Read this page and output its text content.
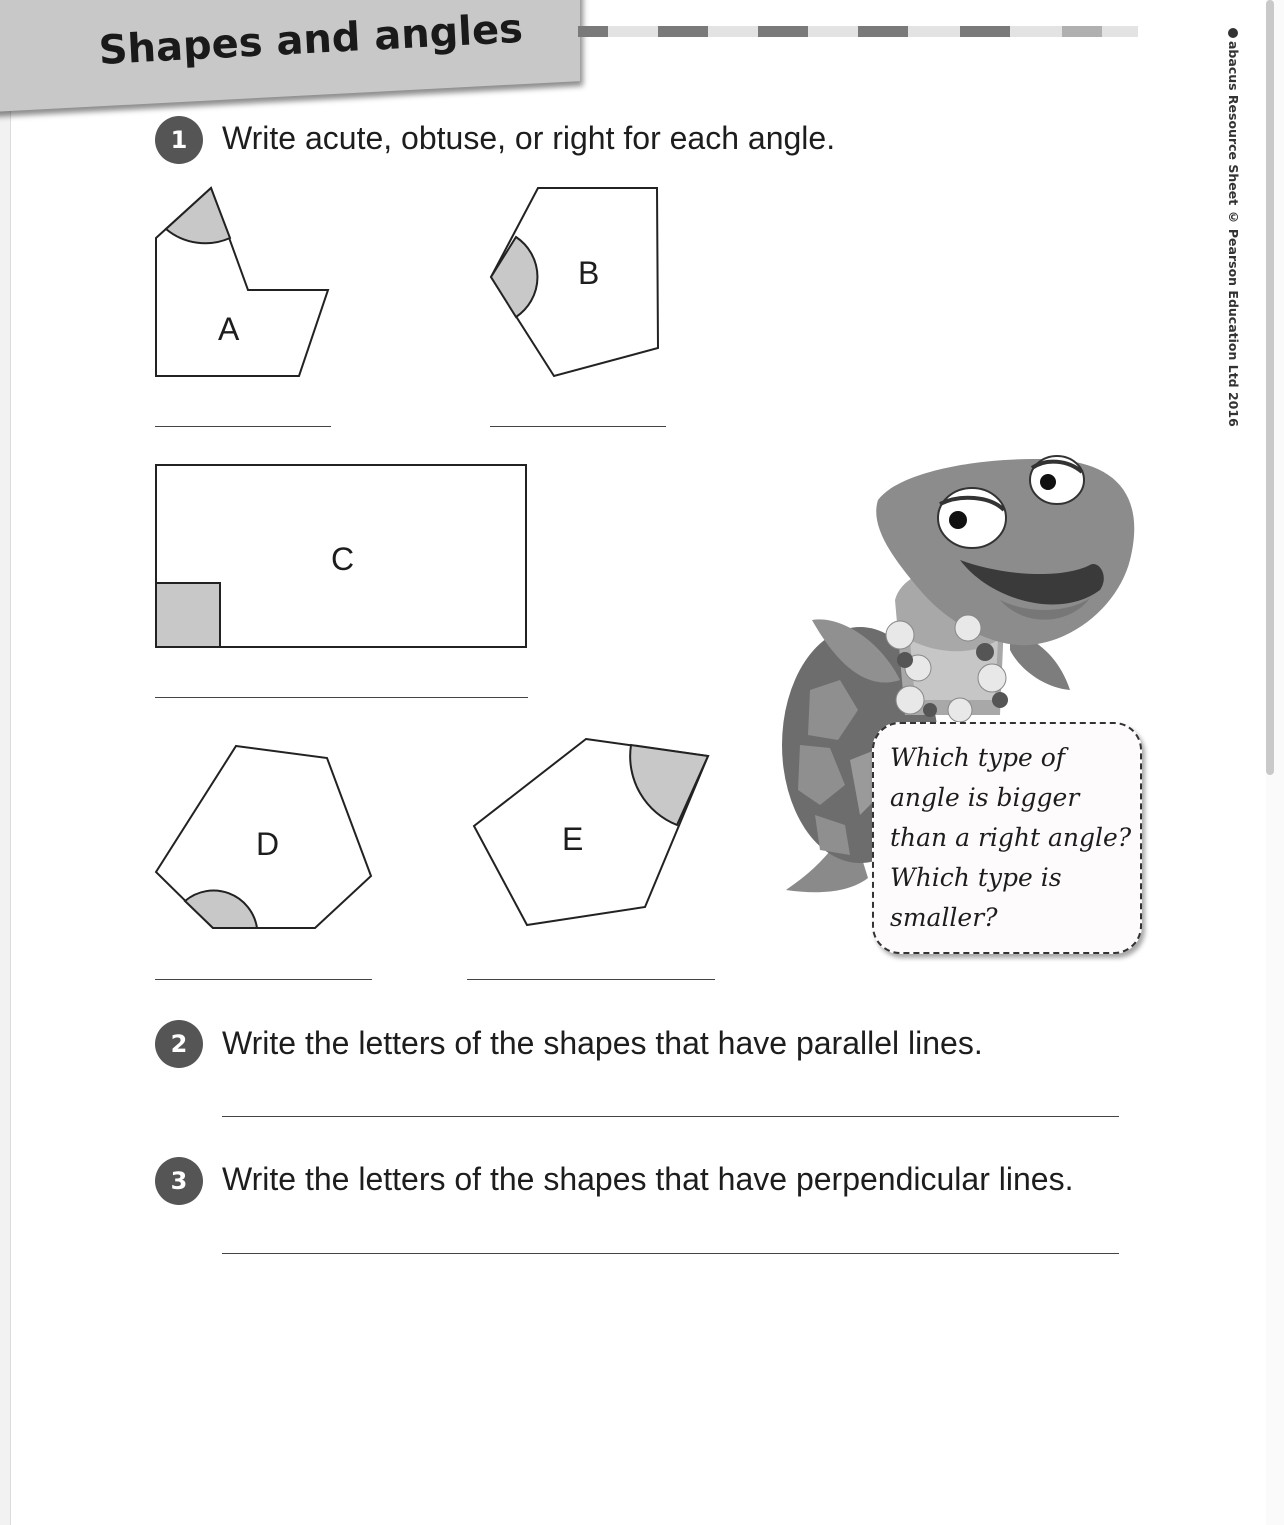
Shapes and angles
abacus Resource Sheet © Pearson Education Ltd 2016
1	Write acute, obtuse, or right for each angle.

A
B
C
D	E
Which type of
angle is bigger
than a right angle?
Which type is
smaller?
2	Write the letters of the shapes that have parallel lines.

3	Write the letters of the shapes that have perpendicular lines.
